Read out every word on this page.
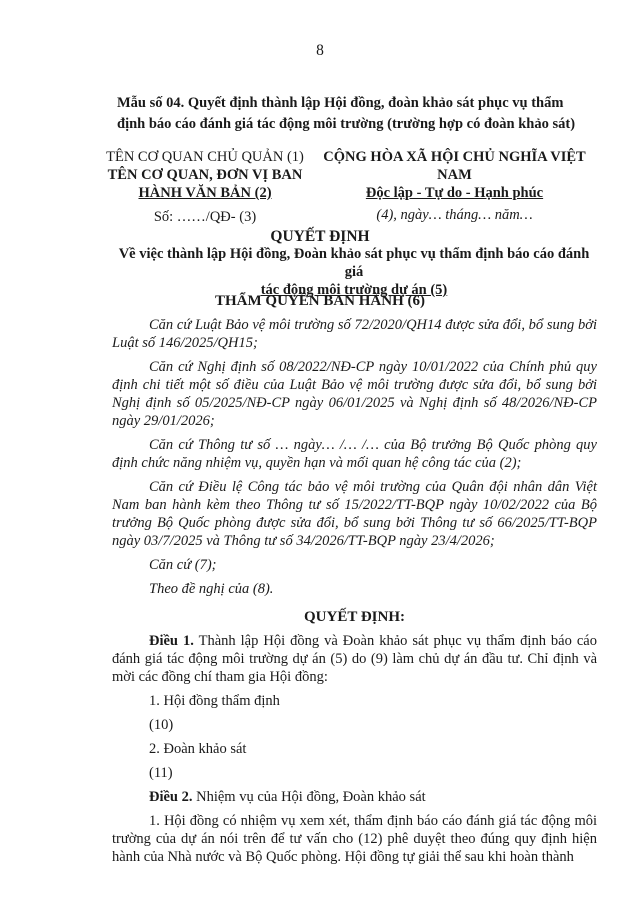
8
Mẫu số 04. Quyết định thành lập Hội đồng, đoàn khảo sát phục vụ thẩm định báo cáo đánh giá tác động môi trường (trường hợp có đoàn khảo sát)
TÊN CƠ QUAN CHỦ QUẢN (1)
TÊN CƠ QUAN, ĐƠN VỊ BAN
HÀNH VĂN BẢN (2)
Số: ……/QĐ- (3)
CỘNG HÒA XÃ HỘI CHỦ NGHĨA VIỆT NAM
Độc lập - Tự do - Hạnh phúc
(4), ngày… tháng… năm…
QUYẾT ĐỊNH
Về việc thành lập Hội đồng, Đoàn khảo sát phục vụ thẩm định báo cáo đánh giá
tác động môi trường dự án (5)
THẨM QUYỀN BAN HÀNH (6)

Căn cứ Luật Bảo vệ môi trường số 72/2020/QH14 được sửa đổi, bổ sung bởi Luật số 146/2025/QH15;

Căn cứ Nghị định số 08/2022/NĐ-CP ngày 10/01/2022 của Chính phủ quy định chi tiết một số điều của Luật Bảo vệ môi trường được sửa đổi, bổ sung bởi Nghị định số 05/2025/NĐ-CP ngày 06/01/2025 và Nghị định số 48/2026/NĐ-CP ngày 29/01/2026;

Căn cứ Thông tư số … ngày… /… /… của Bộ trưởng Bộ Quốc phòng quy định chức năng nhiệm vụ, quyền hạn và mối quan hệ công tác của (2);

Căn cứ Điều lệ Công tác bảo vệ môi trường của Quân đội nhân dân Việt Nam ban hành kèm theo Thông tư số 15/2022/TT-BQP ngày 10/02/2022 của Bộ trưởng Bộ Quốc phòng được sửa đổi, bổ sung bởi Thông tư số 66/2025/TT-BQP ngày 03/7/2025 và Thông tư số 34/2026/TT-BQP ngày 23/4/2026;

Căn cứ (7);

Theo đề nghị của (8).

QUYẾT ĐỊNH:

Điều 1. Thành lập Hội đồng và Đoàn khảo sát phục vụ thẩm định báo cáo đánh giá tác động môi trường dự án (5) do (9) làm chủ dự án đầu tư. Chỉ định và mời các đồng chí tham gia Hội đồng:

1. Hội đồng thẩm định

(10)

2. Đoàn khảo sát

(11)

Điều 2. Nhiệm vụ của Hội đồng, Đoàn khảo sát

1. Hội đồng có nhiệm vụ xem xét, thẩm định báo cáo đánh giá tác động môi trường của dự án nói trên để tư vấn cho (12) phê duyệt theo đúng quy định hiện hành của Nhà nước và Bộ Quốc phòng. Hội đồng tự giải thể sau khi hoàn thành
